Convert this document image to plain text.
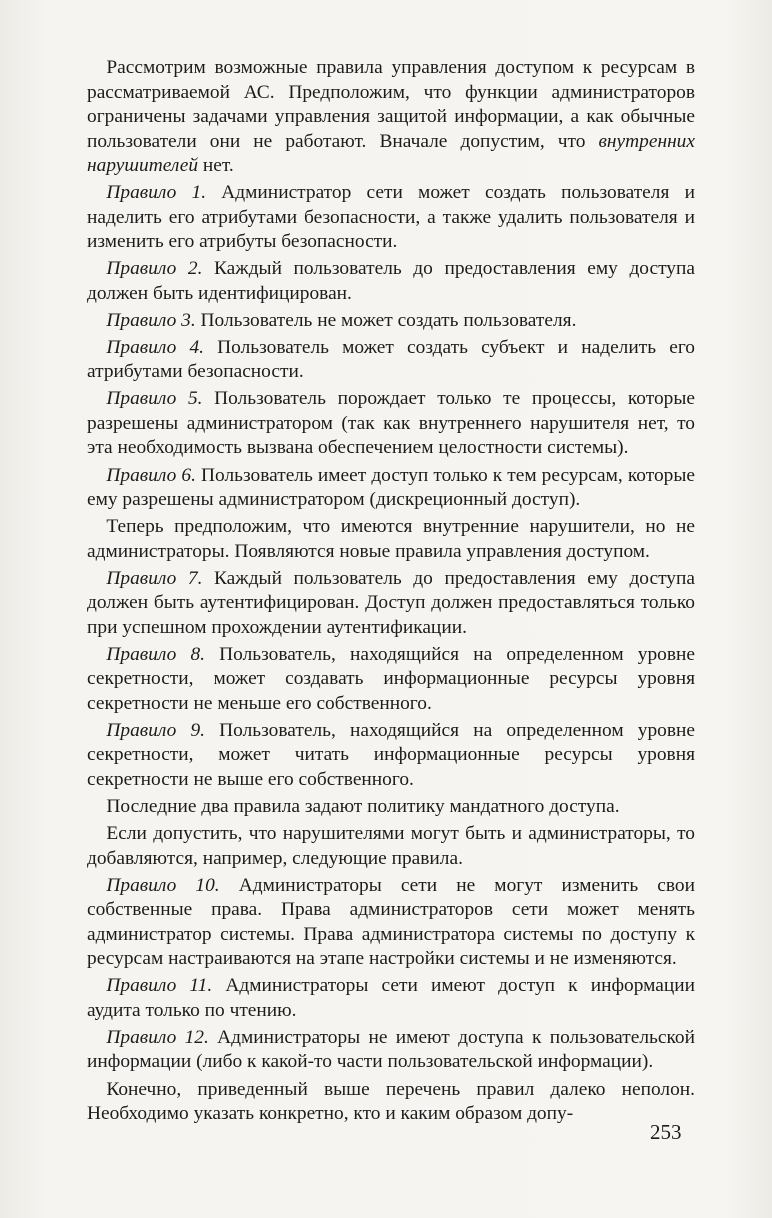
 Рассмотрим возможные правила управления доступом к ресурсам в рассматриваемой АС. Предположим, что функции администраторов ограничены задачами управления защитой информации, а как обычные пользователи они не работают. Вначале допустим, что внутренних нарушителей нет.

 Правило 1. Администратор сети может создать пользователя и наделить его атрибутами безопасности, а также удалить пользователя и изменить его атрибуты безопасности.

 Правило 2. Каждый пользователь до предоставления ему доступа должен быть идентифицирован.

 Правило 3. Пользователь не может создать пользователя.

 Правило 4. Пользователь может создать субъект и наделить его атрибутами безопасности.

 Правило 5. Пользователь порождает только те процессы, которые разрешены администратором (так как внутреннего нарушителя нет, то эта необходимость вызвана обеспечением целостности системы).

 Правило 6. Пользователь имеет доступ только к тем ресурсам, которые ему разрешены администратором (дискреционный доступ).

 Теперь предположим, что имеются внутренние нарушители, но не администраторы. Появляются новые правила управления доступом.

 Правило 7. Каждый пользователь до предоставления ему доступа должен быть аутентифицирован. Доступ должен предоставляться только при успешном прохождении аутентификации.

 Правило 8. Пользователь, находящийся на определенном уровне секретности, может создавать информационные ресурсы уровня секретности не меньше его собственного.

 Правило 9. Пользователь, находящийся на определенном уровне секретности, может читать информационные ресурсы уровня секретности не выше его собственного.

 Последние два правила задают политику мандатного доступа.

 Если допустить, что нарушителями могут быть и администраторы, то добавляются, например, следующие правила.

 Правило 10. Администраторы сети не могут изменить свои собственные права. Права администраторов сети может менять администратор системы. Права администратора системы по доступу к ресурсам настраиваются на этапе настройки системы и не изменяются.

 Правило 11. Администраторы сети имеют доступ к информации аудита только по чтению.

 Правило 12. Администраторы не имеют доступа к пользовательской информации (либо к какой-то части пользовательской информации).

 Конечно, приведенный выше перечень правил далеко неполон. Необходимо указать конкретно, кто и каким образом допу-

253
